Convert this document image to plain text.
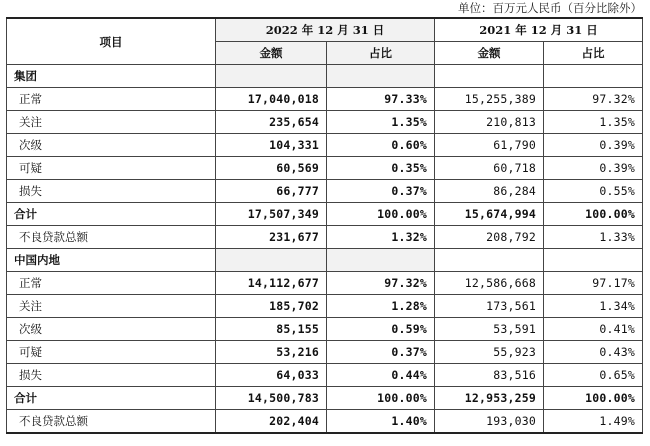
单位：百万元人民币（百分比除外）
项目	2022 年 12 月 31 日		2021 年 12 月 31 日	
	金额	占比	金额	占比
集团				
正常	17,040,018	97.33%	15,255,389	97.32%
关注	235,654	1.35%	210,813	1.35%
次级	104,331	0.60%	61,790	0.39%
可疑	60,569	0.35%	60,718	0.39%
损失	66,777	0.37%	86,284	0.55%
合计	17,507,349	100.00%	15,674,994	100.00%
不良贷款总额	231,677	1.32%	208,792	1.33%
中国内地				
正常	14,112,677	97.32%	12,586,668	97.17%
关注	185,702	1.28%	173,561	1.34%
次级	85,155	0.59%	53,591	0.41%
可疑	53,216	0.37%	55,923	0.43%
损失	64,033	0.44%	83,516	0.65%
合计	14,500,783	100.00%	12,953,259	100.00%
不良贷款总额	202,404	1.40%	193,030	1.49%
